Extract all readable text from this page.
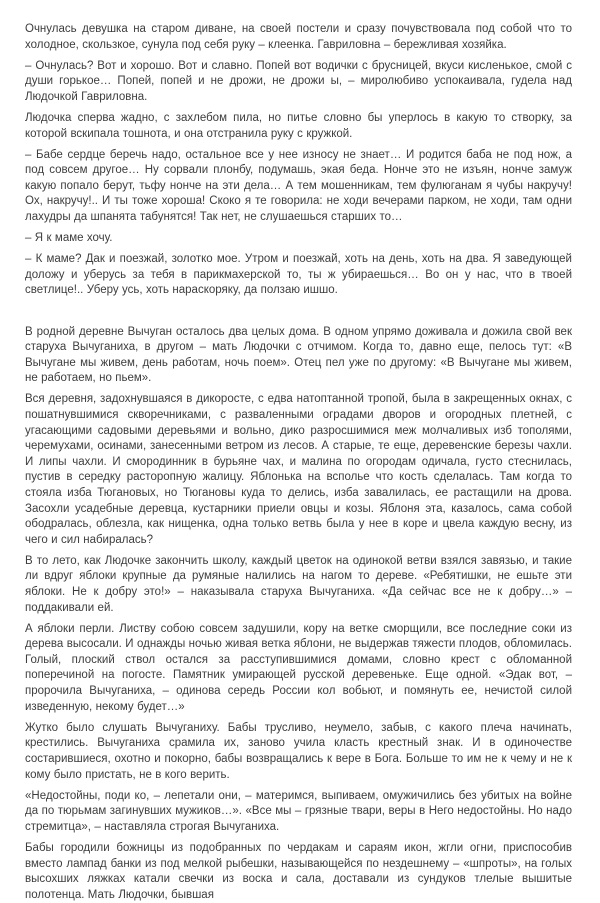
Очнулась девушка на старом диване, на своей постели и сразу почувствовала под собой что то холодное, скользкое, сунула под себя руку – клеенка. Гавриловна – бережливая хозяйка.

– Очнулась? Вот и хорошо. Вот и славно. Попей вот водички с брусницей, вкуси кисленькое, смой с души горькое… Попей, попей и не дрожи, не дрожи ы, – миролюбиво успокаивала, гудела над Людочкой Гавриловна.

Людочка сперва жадно, с захлебом пила, но питье словно бы уперлось в какую то створку, за которой вскипала тошнота, и она отстранила руку с кружкой.

– Бабе сердце беречь надо, остальное все у нее износу не знает… И родится баба не под нож, а под совсем другое… Ну сорвали плонбу, подумашь, экая беда. Нонче это не изъян, нонче замуж какую попало берут, тьфу нонче на эти дела… А тем мошенникам, тем фулюганам я чубы накручу! Ох, накручу!.. И ты тоже хороша! Скоко я те говорила: не ходи вечерами парком, не ходи, там одни лахудры да шпанята табунятся! Так нет, не слушаешься старших то…

– Я к маме хочу.

– К маме? Дак и поезжай, золотко мое. Утром и поезжай, хоть на день, хоть на два. Я заведующей доложу и уберусь за тебя в парикмахерской то, ты ж убираешься… Во он у нас, что в твоей светлице!.. Уберу усь, хоть нараскоряку, да ползаю ишшо.

В родной деревне Вычуган осталось два целых дома. В одном упрямо доживала и дожила свой век старуха Вычуганиха, в другом – мать Людочки с отчимом. Когда то, давно еще, пелось тут: «В Вычугане мы живем, день работам, ночь поем». Отец пел уже по другому: «В Вычугане мы живем, не работаем, но пьем».

Вся деревня, задохнувшаяся в дикоросте, с едва натоптанной тропой, была в закрещенных окнах, с пошатнувшимися скворечниками, с разваленными оградами дворов и огородных плетней, с угасающими садовыми деревьями и вольно, дико разросшимися меж молчаливых изб тополями, черемухами, осинами, занесенными ветром из лесов. А старые, те еще, деревенские березы чахли. И липы чахли. И смородинник в бурьяне чах, и малина по огородам одичала, густо стеснилась, пустив в середку расторопную жалицу. Яблонька на всполье что кость сделалась. Там когда то стояла изба Тюгановых, но Тюгановы куда то делись, изба завалилась, ее растащили на дрова. Засохли усадебные деревца, кустарники приели овцы и козы. Яблоня эта, казалось, сама собой ободралась, облезла, как нищенка, одна только ветвь была у нее в коре и цвела каждую весну, из чего и сил набиралась?

В то лето, как Людочке закончить школу, каждый цветок на одинокой ветви взялся завязью, и такие ли вдруг яблоки крупные да румяные налились на нагом то дереве. «Ребятишки, не ешьте эти яблоки. Не к добру это!» – наказывала старуха Вычуганиха. «Да сейчас все не к добру…» – поддакивали ей.

А яблоки перли. Листву собою совсем задушили, кору на ветке сморщили, все последние соки из дерева высосали. И однажды ночью живая ветка яблони, не выдержав тяжести плодов, обломилась. Голый, плоский ствол остался за расступившимися домами, словно крест с обломанной поперечиной на погосте. Памятник умирающей русской деревеньке. Еще одной. «Эдак вот, – пророчила Вычуганиха, – одинова середь России кол вобьют, и помянуть ее, нечистой силой изведенную, некому будет…»

Жутко было слушать Вычуганиху. Бабы трусливо, неумело, забыв, с какого плеча начинать, крестились. Вычуганиха срамила их, заново учила класть крестный знак. И в одиночестве состарившиеся, охотно и покорно, бабы возвращались к вере в Бога. Больше то им не к чему и не к кому было пристать, не в кого верить.

«Недостойны, поди ко, – лепетали они, – материмся, выпиваем, омужичились без убитых на войне да по тюрьмам загинувших мужиков…». «Все мы – грязные твари, веры в Него недостойны. Но надо стремитца», – наставляла строгая Вычуганиха.

Бабы городили божницы из подобранных по чердакам и сараям икон, жгли огни, приспособив вместо лампад банки из под мелкой рыбешки, называющейся по нездешнему – «шпроты», на голых высохших ляжках катали свечки из воска и сала, доставали из сундуков тлелые вышитые полотенца. Мать Людочки, бывшая
